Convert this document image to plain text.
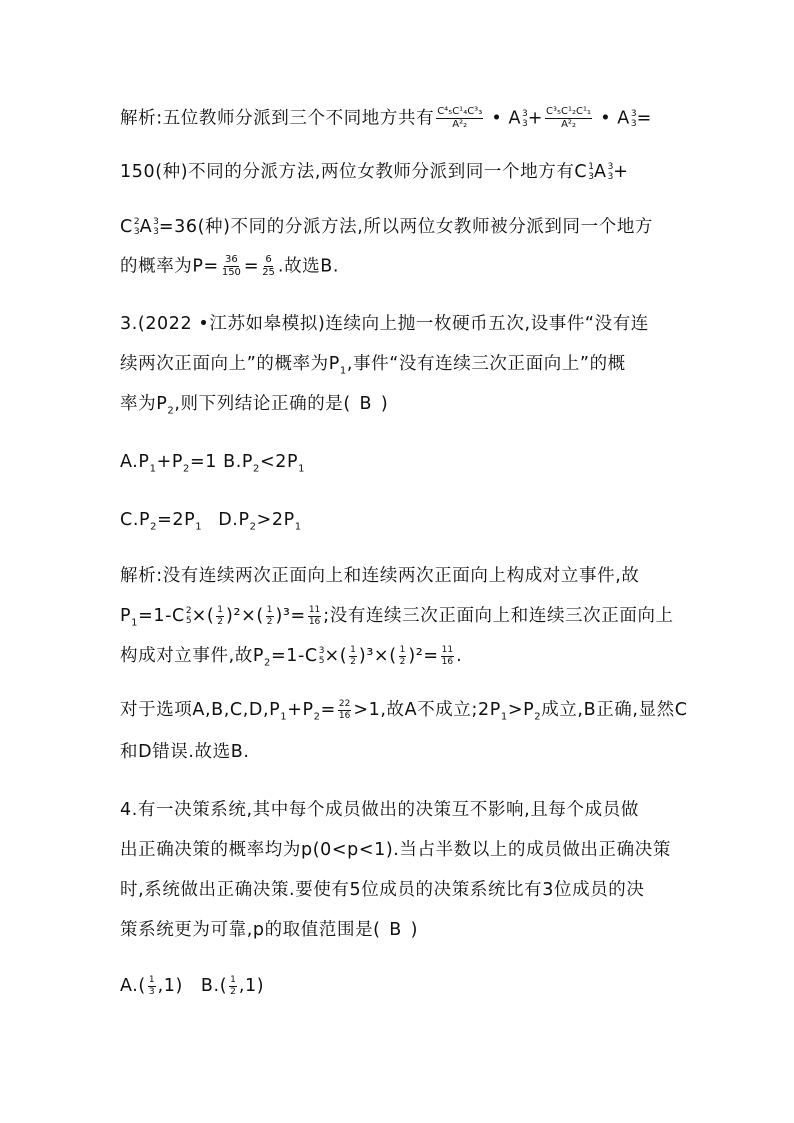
解析:五位教师分派到三个不同地方共有 $\frac{\text{C⁴₅C¹₄C³₃}}{\text{A²₂}}$ • A 3
$3 + \frac{\text{C³₅C¹₂C¹₁}}{\text{A²₂}}$ • A 3
3 =
150(种)不同的分派方法,两位女教师分派到同一个地方有C 1
3 A 3
3 +
C 2
3 A 3
3 =36(种)不同的分派方法,所以两位女教师被分派到同一个地方
的概率为$P= \frac{36}{150} = \frac{6}{25}$ .故选B.
3.(2022 •江苏如皋模拟)连续向上抛一枚硬币五次,设事件“没有连
续两次正面向上”的概率为$P_1$,事件“没有连续三次正面向上”的概
率为$P_2$,则下列结论正确的是( B )
$A.P_1+P_2=1$ $B.P_2<2P_1$
$C.P_2=2P_1$ $D.P_2>2P_1$
解析:没有连续两次正面向上和连续两次正面向上构成对立事件,故
$P_1=1-C$ 2
5 ×( $\frac{1}{2} )^2\times( \frac{1}{2} )^3= \frac{11}{16}$ ;没有连续三次正面向上和连续三次正面向上
构成对立事件,故$P_2=1-C$ 3
5 ×( $\frac{1}{2} )^3\times( \frac{1}{2} )^2= \frac{11}{16}$ .
对于选项$A,B,C,D,P_1+P_2= \frac{22}{16} >1$,故A不成立$;2P_1>P_2$成立,B正确,显然C
和D错误.故选B.
4.有一决策系统,其中每个成员做出的决策互不影响,且每个成员做
出正确决策的概率均为p(0<p<1).当占半数以上的成员做出正确决策
时,系统做出正确决策.要使有5位成员的决策系统比有3位成员的决
策系统更为可靠,p的取值范围是( B )
$A.( \frac{1}{3} ,1)$ $B.( \frac{1}{2} ,1)$
